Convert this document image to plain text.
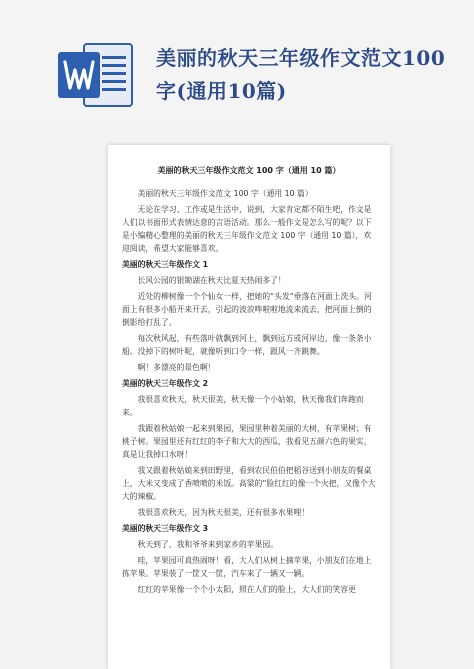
美丽的秋天三年级作文范文100字(通用10篇)
美丽的秋天三年级作文范文 100 字（通用 10 篇）

美丽的秋天三年级作文范文 100 字（通用 10 篇）

无论在学习、工作或是生活中，说到，大家肯定都不陌生吧，作文是人们以书面形式表情达意的言语活动。那么一般作文是怎么写的呢？以下是小编精心整理的美丽的秋天三年级作文范文 100 字（通用 10 篇），欢迎阅读，希望大家能够喜欢。

美丽的秋天三年级作文 1

长风公园的银锄湖在秋天比夏天热闹多了！

近处的柳树像一个个仙女一样，把她的“头发”垂落在河面上洗头。河面上有很多小船开来开去，引起的波浪哗啦啦地流来流去，把河面上倒的倒影给打乱了。

每次秋风起，有些落叶就飘到河上，飘到远方或河岸边，像一条条小船。没掉下的树叶呢，就像听到口令一样，跟风一齐跳舞。

啊！多漂亮的景色啊！

美丽的秋天三年级作文 2

我很喜欢秋天，秋天很美，秋天像一个小姑娘，秋天像我们奔跑而来。

我跟着秋姑娘一起来到果园，果园里种着美丽的大树，有苹果树；有桃子树。果园里还有红红的李子和大大的西瓜，我看见五颜六色的果实，真是让我掉口水呀！

我又跟着秋姑娘来到田野里，看到农民伯伯把稻谷送到小朋友的餐桌上，大米又变成了香喷喷的米饭。高粱的“脸红红的像一个火把，又像个大大的辣椒。

我很喜欢秋天，因为秋天很美，还有很多水果哩！

美丽的秋天三年级作文 3

秋天到了，我和爷爷来到家乡的苹果园。

哇，苹果园可真热闹呀！看，大人们从树上摘苹果，小朋友们在地上拣苹果。苹果装了一筐又一筐，汽车来了一辆又一辆。

红红的苹果像一个个小太阳，照在人们的脸上，大人们的笑容更
